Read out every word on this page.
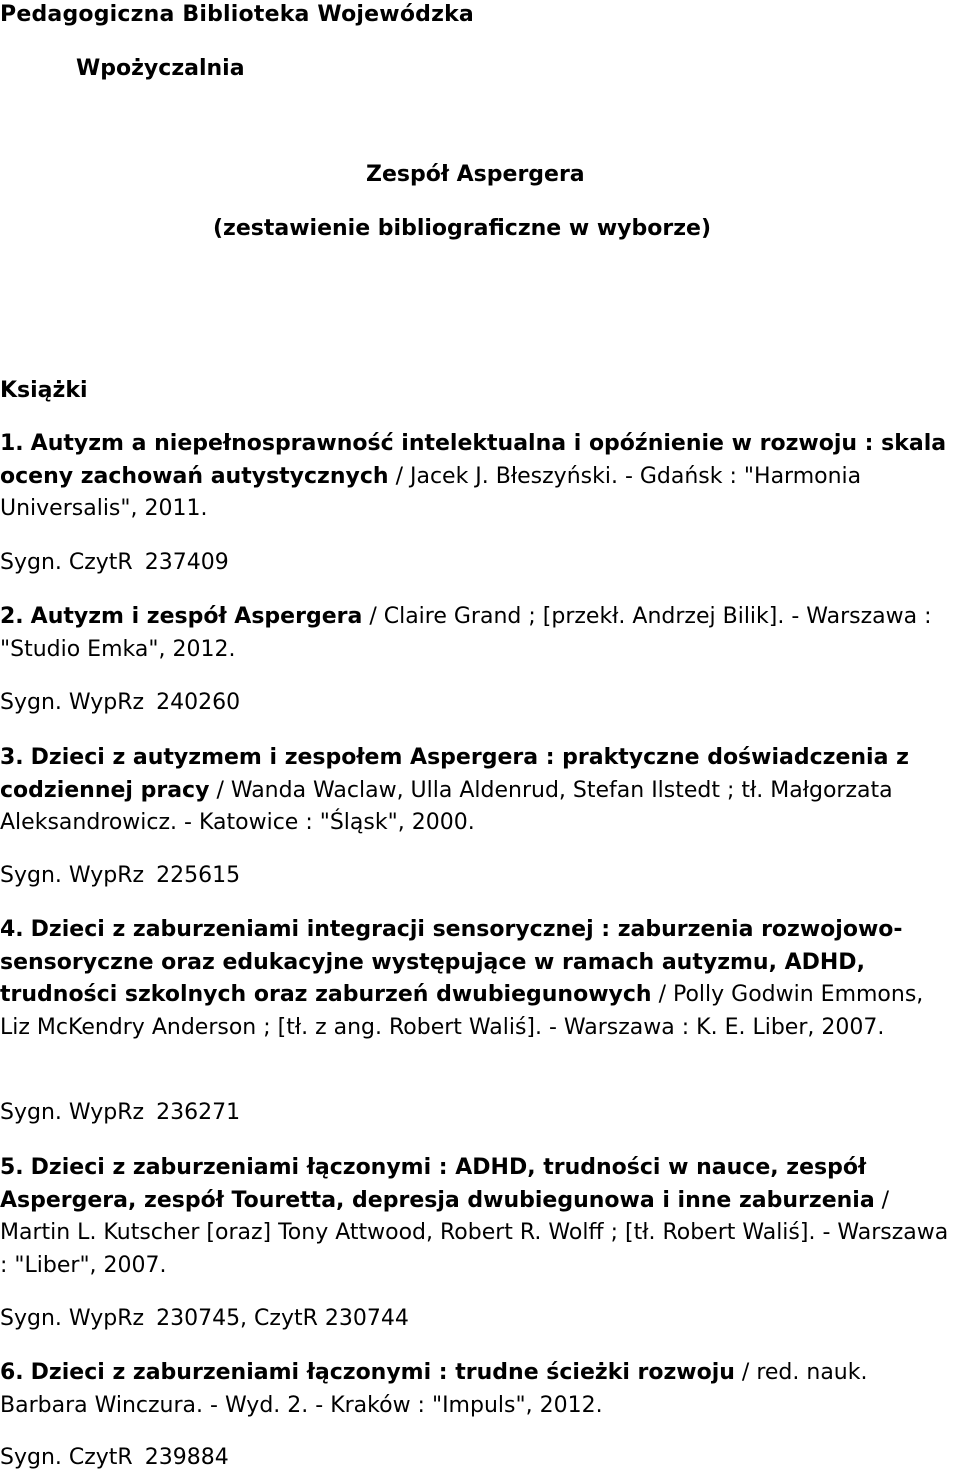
Pedagogiczna Biblioteka Wojewódzka
Wpożyczalnia
Zespół Aspergera
(zestawienie bibliograficzne w wyborze)
Książki
1. Autyzm a niepełnosprawność intelektualna i opóźnienie w rozwoju : skala oceny zachowań autystycznych / Jacek J. Błeszyński. - Gdańsk : "Harmonia Universalis", 2011.
Sygn. CzytR 237409
2. Autyzm i zespół Aspergera / Claire Grand ; [przekł. Andrzej Bilik]. - Warszawa : "Studio Emka", 2012.
Sygn. WypRz 240260
3. Dzieci z autyzmem i zespołem Aspergera : praktyczne doświadczenia z codziennej pracy / Wanda Waclaw, Ulla Aldenrud, Stefan Ilstedt ; tł. Małgorzata Aleksandrowicz. - Katowice : "Śląsk", 2000.
Sygn. WypRz 225615
4. Dzieci z zaburzeniami integracji sensorycznej : zaburzenia rozwojowo-sensoryczne oraz edukacyjne występujące w ramach autyzmu, ADHD, trudności szkolnych oraz zaburzeń dwubiegunowych / Polly Godwin Emmons, Liz McKendry Anderson ; [tł. z ang. Robert Waliś]. - Warszawa : K. E. Liber, 2007.
Sygn. WypRz 236271
5. Dzieci z zaburzeniami łączonymi : ADHD, trudności w nauce, zespół Aspergera, zespół Touretta, depresja dwubiegunowa i inne zaburzenia / Martin L. Kutscher [oraz] Tony Attwood, Robert R. Wolff ; [tł. Robert Waliś]. - Warszawa : "Liber", 2007.
Sygn. WypRz 230745, CzytR 230744
6. Dzieci z zaburzeniami łączonymi : trudne ścieżki rozwoju / red. nauk. Barbara Winczura. - Wyd. 2. - Kraków : "Impuls", 2012.
Sygn. CzytR 239884
